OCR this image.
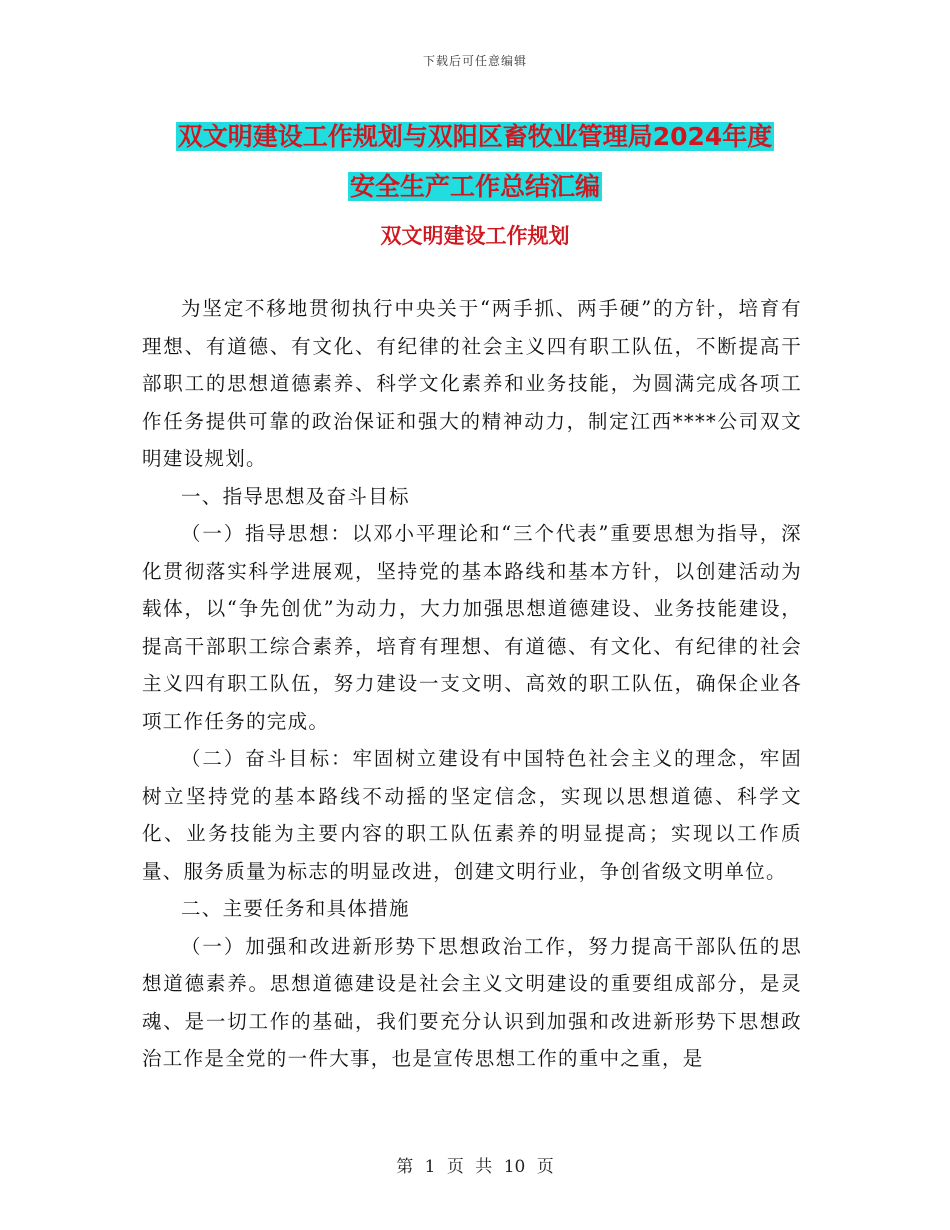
下载后可任意编辑
双文明建设工作规划与双阳区畜牧业管理局2024年度
安全生产工作总结汇编
双文明建设工作规划

为坚定不移地贯彻执行中央关于“两手抓、两手硬”的方针，培育有理想、有道德、有文化、有纪律的社会主义四有职工队伍，不断提高干部职工的思想道德素养、科学文化素养和业务技能，为圆满完成各项工作任务提供可靠的政治保证和强大的精神动力，制定江西****公司双文明建设规划。

一、指导思想及奋斗目标

（一）指导思想：以邓小平理论和“三个代表”重要思想为指导，深化贯彻落实科学进展观，坚持党的基本路线和基本方针，以创建活动为载体，以“争先创优”为动力，大力加强思想道德建设、业务技能建设，提高干部职工综合素养，培育有理想、有道德、有文化、有纪律的社会主义四有职工队伍，努力建设一支文明、高效的职工队伍，确保企业各项工作任务的完成。

（二）奋斗目标：牢固树立建设有中国特色社会主义的理念，牢固树立坚持党的基本路线不动摇的坚定信念，实现以思想道德、科学文化、业务技能为主要内容的职工队伍素养的明显提高；实现以工作质量、服务质量为标志的明显改进，创建文明行业，争创省级文明单位。

二、主要任务和具体措施

（一）加强和改进新形势下思想政治工作，努力提高干部队伍的思想道德素养。思想道德建设是社会主义文明建设的重要组成部分，是灵魂、是一切工作的基础，我们要充分认识到加强和改进新形势下思想政治工作是全党的一件大事，也是宣传思想工作的重中之重，是

第 1 页 共 10 页
